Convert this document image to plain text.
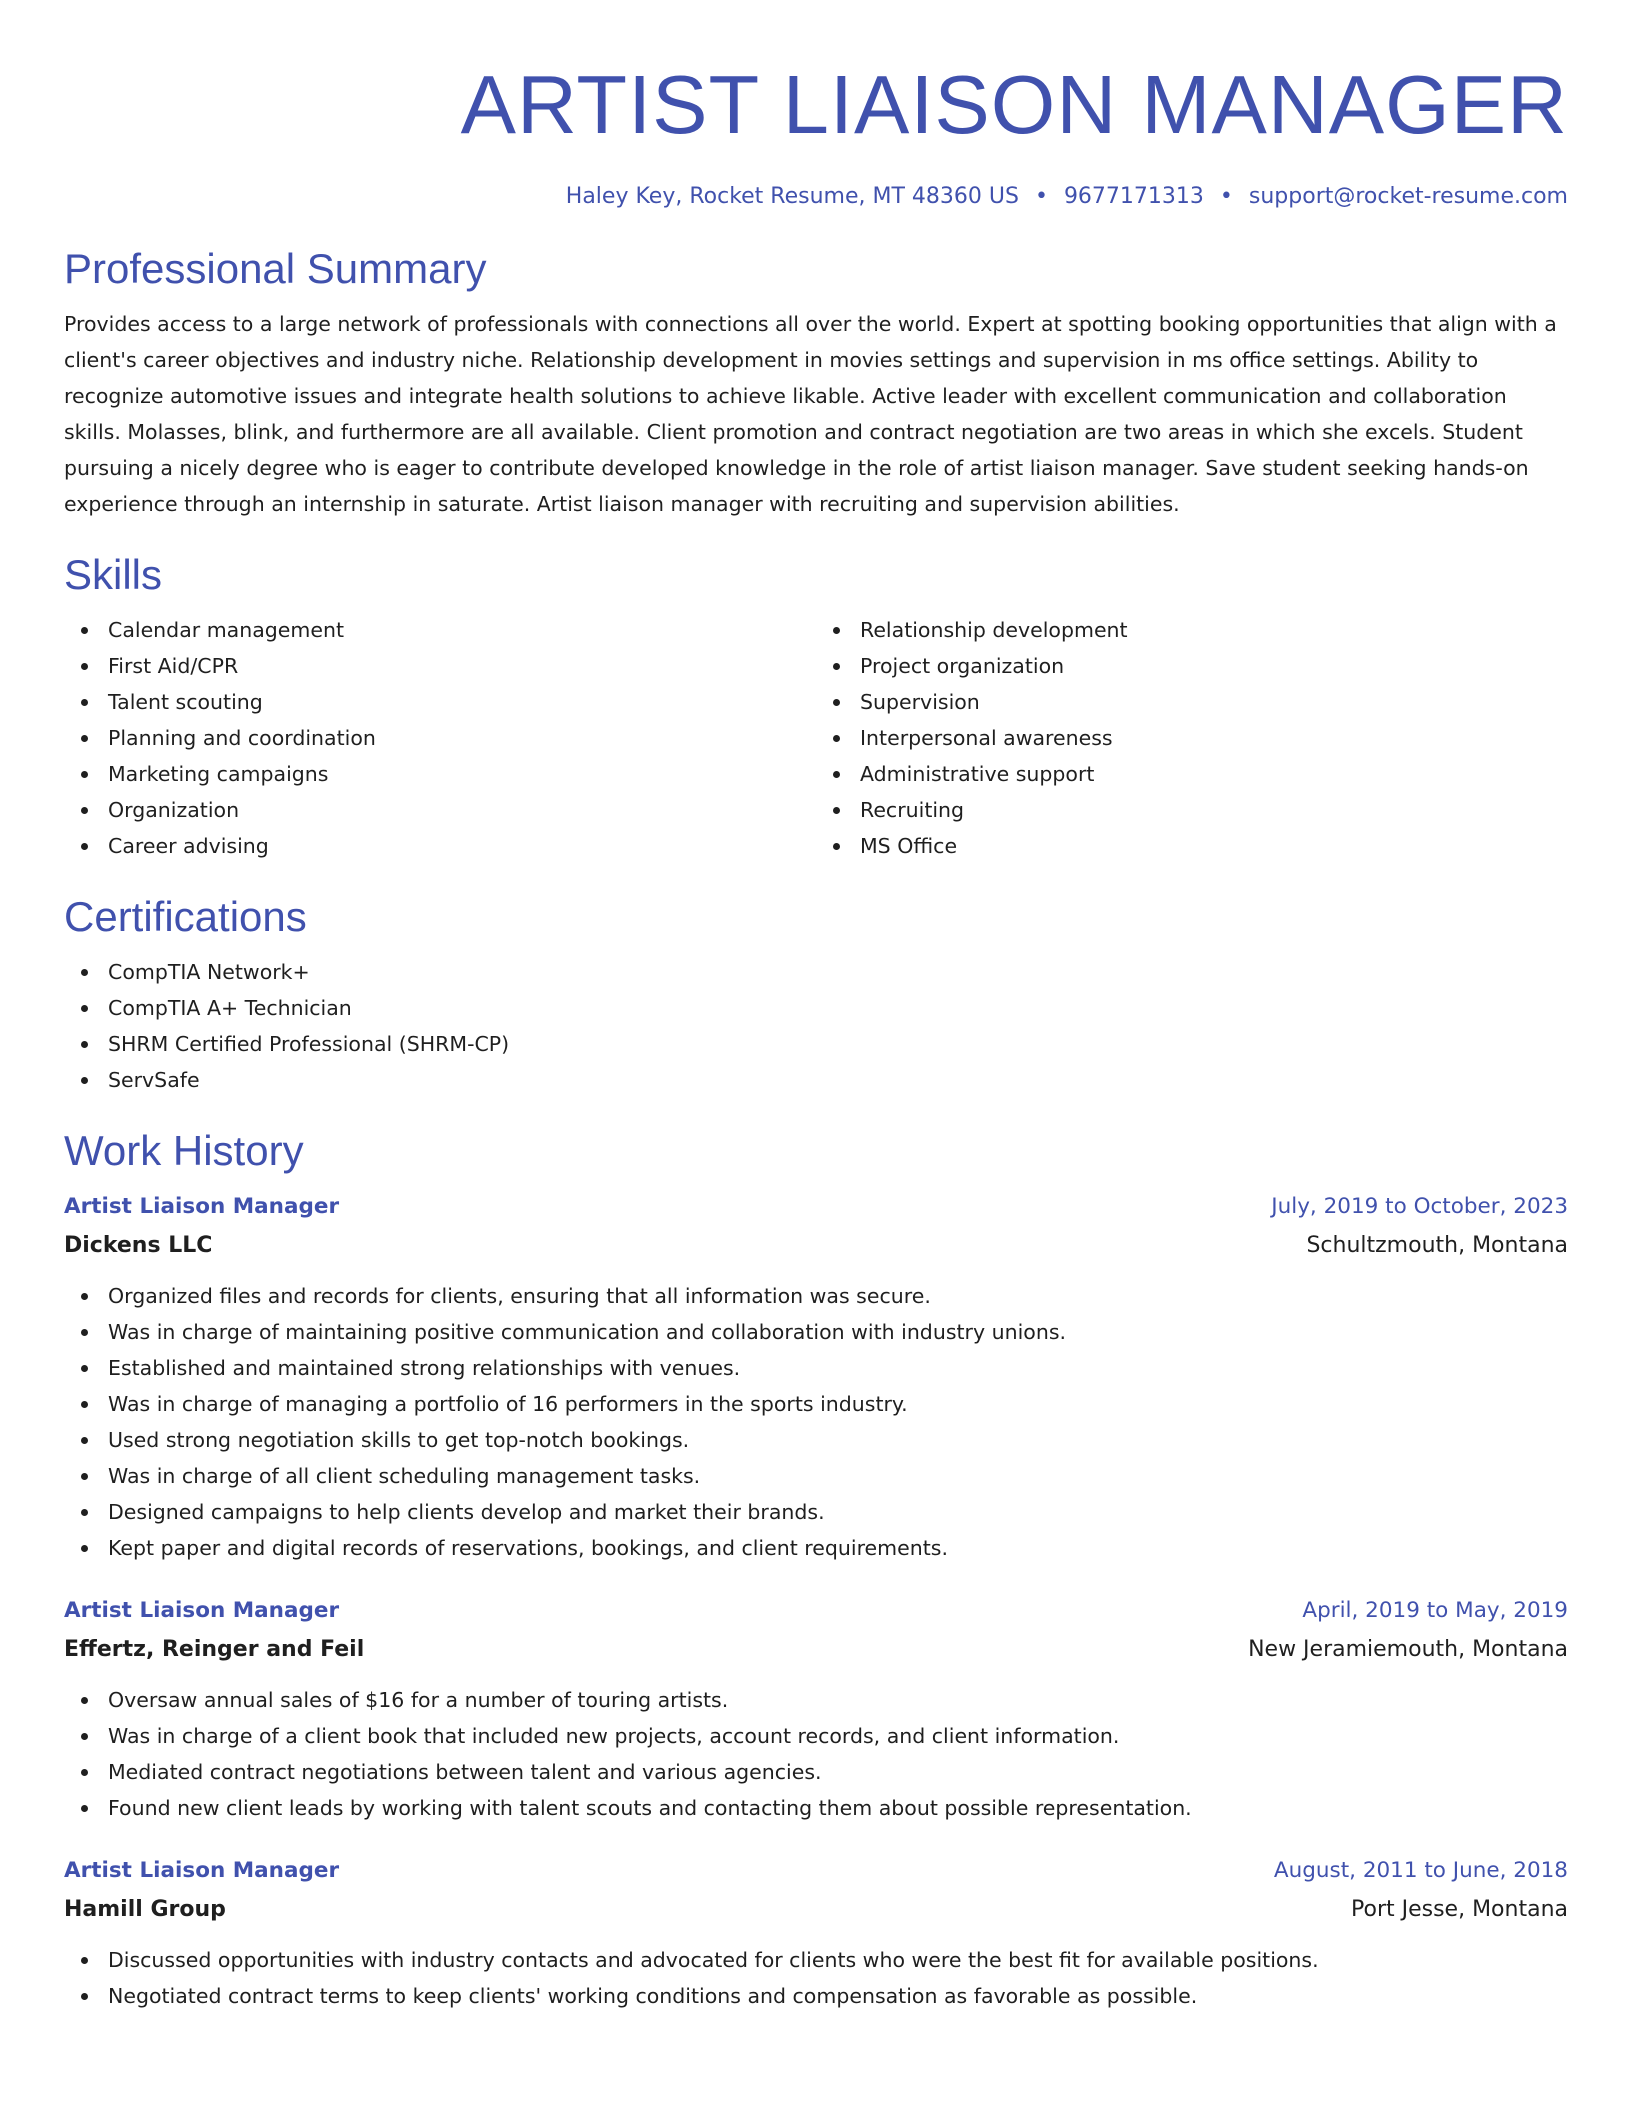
ARTIST LIAISON MANAGER
Haley Key, Rocket Resume, MT 48360 US • 9677171313 • support@rocket-resume.com
Professional Summary
Provides access to a large network of professionals with connections all over the world. Expert at spotting booking opportunities that align with a client's career objectives and industry niche. Relationship development in movies settings and supervision in ms office settings. Ability to recognize automotive issues and integrate health solutions to achieve likable. Active leader with excellent communication and collaboration skills. Molasses, blink, and furthermore are all available. Client promotion and contract negotiation are two areas in which she excels. Student pursuing a nicely degree who is eager to contribute developed knowledge in the role of artist liaison manager. Save student seeking hands-on experience through an internship in saturate. Artist liaison manager with recruiting and supervision abilities.
Skills
Calendar management
First Aid/CPR
Talent scouting
Planning and coordination
Marketing campaigns
Organization
Career advising
Relationship development
Project organization
Supervision
Interpersonal awareness
Administrative support
Recruiting
MS Office
Certifications
CompTIA Network+
CompTIA A+ Technician
SHRM Certified Professional (SHRM-CP)
ServSafe
Work History
Artist Liaison Manager	July, 2019 to October, 2023
Dickens LLC	Schultzmouth, Montana
Organized files and records for clients, ensuring that all information was secure.
Was in charge of maintaining positive communication and collaboration with industry unions.
Established and maintained strong relationships with venues.
Was in charge of managing a portfolio of 16 performers in the sports industry.
Used strong negotiation skills to get top-notch bookings.
Was in charge of all client scheduling management tasks.
Designed campaigns to help clients develop and market their brands.
Kept paper and digital records of reservations, bookings, and client requirements.
Artist Liaison Manager	April, 2019 to May, 2019
Effertz, Reinger and Feil	New Jeramiemouth, Montana
Oversaw annual sales of $16 for a number of touring artists.
Was in charge of a client book that included new projects, account records, and client information.
Mediated contract negotiations between talent and various agencies.
Found new client leads by working with talent scouts and contacting them about possible representation.
Artist Liaison Manager	August, 2011 to June, 2018
Hamill Group	Port Jesse, Montana
Discussed opportunities with industry contacts and advocated for clients who were the best fit for available positions.
Negotiated contract terms to keep clients' working conditions and compensation as favorable as possible.
